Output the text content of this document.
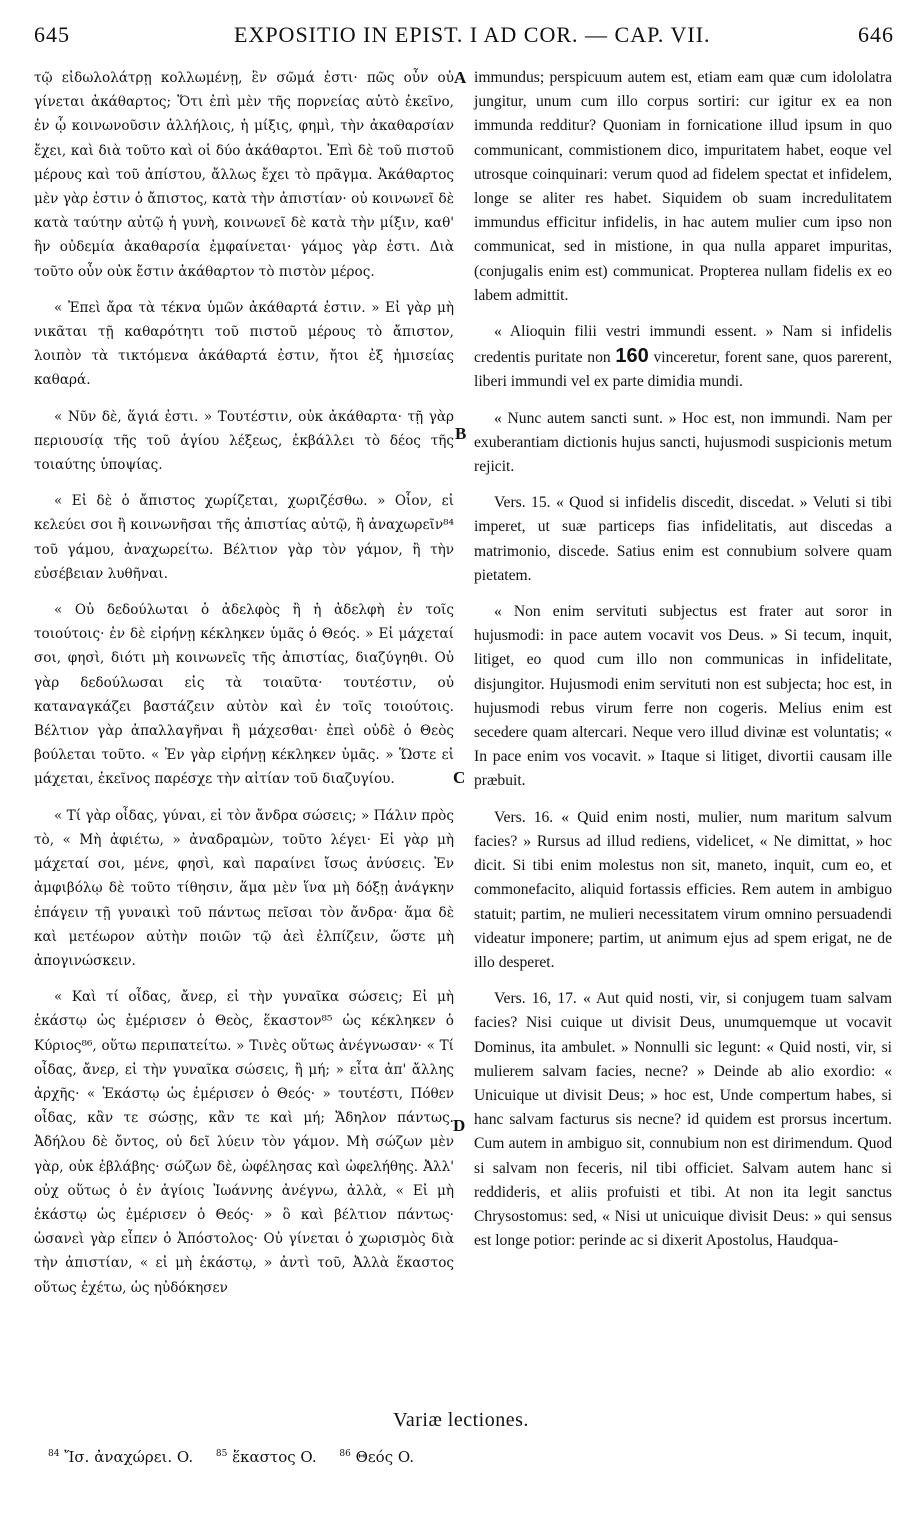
645	EXPOSITIO IN EPIST. I AD COR. — CAP. VII.	646

τῷ εἰδωλολάτρῃ κολλωμένῃ, ἓν σῶμά ἐστι· πῶς οὖν οὐ γίνεται ἀκάθαρτος; Ὅτι ἐπὶ μὲν τῆς πορνείας αὐτὸ ἐκεῖνο, ἐν ᾧ κοινωνοῦσιν ἀλλήλοις, ἡ μίξις, φημὶ, τὴν ἀκαθαρσίαν ἔχει, καὶ διὰ τοῦτο καὶ οἱ δύο ἀκάθαρτοι. Ἐπὶ δὲ τοῦ πιστοῦ μέρους καὶ τοῦ ἀπίστου, ἄλλως ἔχει τὸ πρᾶγμα. Ἀκάθαρτος μὲν γὰρ ἐστιν ὁ ἄπιστος, κατὰ τὴν ἀπιστίαν· οὐ κοινωνεῖ δὲ κατὰ ταύτην αὐτῷ ἡ γυνὴ, κοινωνεῖ δὲ κατὰ τὴν μίξιν, καθ' ἣν οὐδεμία ἀκαθαρσία ἐμφαίνεται· γάμος γὰρ ἐστι. Διὰ τοῦτο οὖν οὐκ ἔστιν ἀκάθαρτον τὸ πιστὸν μέρος.

« Ἐπεὶ ἄρα τὰ τέκνα ὑμῶν ἀκάθαρτά ἐστιν. » Εἰ γὰρ μὴ νικᾶται τῇ καθαρότητι τοῦ πιστοῦ μέρους τὸ ἄπιστον, λοιπὸν τὰ τικτόμενα ἀκάθαρτά ἐστιν, ἤτοι ἐξ ἡμισείας καθαρά.

« Νῦν δὲ, ἅγιά ἐστι. » Τουτέστιν, οὐκ ἀκάθαρτα· τῇ γὰρ περιουσίᾳ τῆς τοῦ ἁγίου λέξεως, ἐκβάλλει τὸ δέος τῆς τοιαύτης ὑποψίας.

« Εἰ δὲ ὁ ἄπιστος χωρίζεται, χωριζέσθω. » Οἷον, εἰ κελεύει σοι ἢ κοινωνῆσαι τῆς ἀπιστίας αὐτῷ, ἢ ἀναχωρεῖν⁸⁴ τοῦ γάμου, ἀναχωρείτω. Βέλτιον γὰρ τὸν γάμον, ἢ τὴν εὐσέβειαν λυθῆναι.

« Οὐ δεδούλωται ὁ ἀδελφὸς ἢ ἡ ἀδελφὴ ἐν τοῖς τοιούτοις· ἐν δὲ εἰρήνῃ κέκληκεν ὑμᾶς ὁ Θεός. » Εἰ μάχεταί σοι, φησὶ, διότι μὴ κοινωνεῖς τῆς ἀπιστίας, διαζύγηθι. Οὐ γὰρ δεδούλωσαι εἰς τὰ τοιαῦτα· τουτέστιν, οὐ καταναγκάζει βαστάζειν αὐτὸν καὶ ἐν τοῖς τοιούτοις. Βέλτιον γὰρ ἀπαλλαγῆναι ἢ μάχεσθαι· ἐπεὶ οὐδὲ ὁ Θεὸς βούλεται τοῦτο. « Ἐν γὰρ εἰρήνῃ κέκληκεν ὑμᾶς. » Ὥστε εἰ μάχεται, ἐκεῖνος παρέσχε τὴν αἰτίαν τοῦ διαζυγίου.

« Τί γὰρ οἶδας, γύναι, εἰ τὸν ἄνδρα σώσεις; » Πάλιν πρὸς τὸ, « Μὴ ἀφιέτω, » ἀναδραμὼν, τοῦτο λέγει· Εἰ γὰρ μὴ μάχεταί σοι, μένε, φησὶ, καὶ παραίνει ἴσως ἀνύσεις. Ἐν ἀμφιβόλῳ δὲ τοῦτο τίθησιν, ἅμα μὲν ἵνα μὴ δόξῃ ἀνάγκην ἐπάγειν τῇ γυναικὶ τοῦ πάντως πεῖσαι τὸν ἄνδρα· ἅμα δὲ καὶ μετέωρον αὐτὴν ποιῶν τῷ ἀεὶ ἐλπίζειν, ὥστε μὴ ἀπογινώσκειν.

« Καὶ τί οἶδας, ἄνερ, εἰ τὴν γυναῖκα σώσεις; Εἰ μὴ ἑκάστῳ ὡς ἐμέρισεν ὁ Θεὸς, ἕκαστον⁸⁵ ὡς κέκληκεν ὁ Κύριος⁸⁶, οὕτω περιπατείτω. » Τινὲς οὕτως ἀνέγνωσαν· « Τί οἶδας, ἄνερ, εἰ τὴν γυναῖκα σώσεις, ἢ μή; » εἶτα ἀπ' ἄλλης ἀρχῆς· « Ἑκάστῳ ὡς ἐμέρισεν ὁ Θεός· » τουτέστι, Πόθεν οἶδας, κἂν τε σώσῃς, κἂν τε καὶ μή; Ἄδηλον πάντως. Ἀδήλου δὲ ὄντος, οὐ δεῖ λύειν τὸν γάμον. Μὴ σώζων μὲν γὰρ, οὐκ ἐβλάβης· σώζων δὲ, ὠφέλησας καὶ ὠφελήθης. Ἀλλ' οὐχ οὕτως ὁ ἐν ἁγίοις Ἰωάννης ἀνέγνω, ἀλλὰ, « Εἰ μὴ ἑκάστῳ ὡς ἐμέρισεν ὁ Θεός· » ὃ καὶ βέλτιον πάντως· ὡσανεὶ γὰρ εἶπεν ὁ Ἀπόστολος· Οὐ γίνεται ὁ χωρισμὸς διὰ τὴν ἀπιστίαν, « εἰ μὴ ἑκάστῳ, » ἀντὶ τοῦ, Ἀλλὰ ἕκαστος οὕτως ἐχέτω, ὡς ηὐδόκησεν

A
B
C
D

immundus; perspicuum autem est, etiam eam quæ cum idololatra jungitur, unum cum illo corpus sortiri: cur igitur ex ea non immunda redditur? Quoniam in fornicatione illud ipsum in quo communicant, commistionem dico, impuritatem habet, eoque vel utrosque coinquinari: verum quod ad fidelem spectat et infidelem, longe se aliter res habet. Siquidem ob suam incredulitatem immundus efficitur infidelis, in hac autem mulier cum ipso non communicat, sed in mistione, in qua nulla apparet impuritas, (conjugalis enim est) communicat. Propterea nullam fidelis ex eo labem admittit.

« Alioquin filii vestri immundi essent. » Nam si infidelis credentis puritate non 160 vinceretur, forent sane, quos parerent, liberi immundi vel ex parte dimidia mundi.

« Nunc autem sancti sunt. » Hoc est, non immundi. Nam per exuberantiam dictionis hujus sancti, hujusmodi suspicionis metum rejicit.

Vers. 15. « Quod si infidelis discedit, discedat. » Veluti si tibi imperet, ut suæ particeps fias infidelitatis, aut discedas a matrimonio, discede. Satius enim est connubium solvere quam pietatem.

« Non enim servituti subjectus est frater aut soror in hujusmodi: in pace autem vocavit vos Deus. » Si tecum, inquit, litiget, eo quod cum illo non communicas in infidelitate, disjungitor. Hujusmodi enim servituti non est subjecta; hoc est, in hujusmodi rebus virum ferre non cogeris. Melius enim est secedere quam altercari. Neque vero illud divinæ est voluntatis; « In pace enim vos vocavit. » Itaque si litiget, divortii causam ille præbuit.

Vers. 16. « Quid enim nosti, mulier, num maritum salvum facies? » Rursus ad illud rediens, videlicet, « Ne dimittat, » hoc dicit. Si tibi enim molestus non sit, maneto, inquit, cum eo, et commonefacito, aliquid fortassis efficies. Rem autem in ambiguo statuit; partim, ne mulieri necessitatem virum omnino persuadendi videatur imponere; partim, ut animum ejus ad spem erigat, ne de illo desperet.

Vers. 16, 17. « Aut quid nosti, vir, si conjugem tuam salvam facies? Nisi cuique ut divisit Deus, unumquemque ut vocavit Dominus, ita ambulet. » Nonnulli sic legunt: « Quid nosti, vir, si mulierem salvam facies, necne? » Deinde ab alio exordio: « Unicuique ut divisit Deus; » hoc est, Unde compertum habes, si hanc salvam facturus sis necne? id quidem est prorsus incertum. Cum autem in ambiguo sit, connubium non est dirimendum. Quod si salvam non feceris, nil tibi officiet. Salvam autem hanc si reddideris, et aliis profuisti et tibi. At non ita legit sanctus Chrysostomus: sed, « Nisi ut unicuique divisit Deus: » qui sensus est longe potior: perinde ac si dixerit Apostolus, Haudqua-

Variæ lectiones.
$^{84}$ Ἴσ. ἀναχώρει. O.	$^{85}$ ἕκαστος O.	$^{86}$ Θεός O.
